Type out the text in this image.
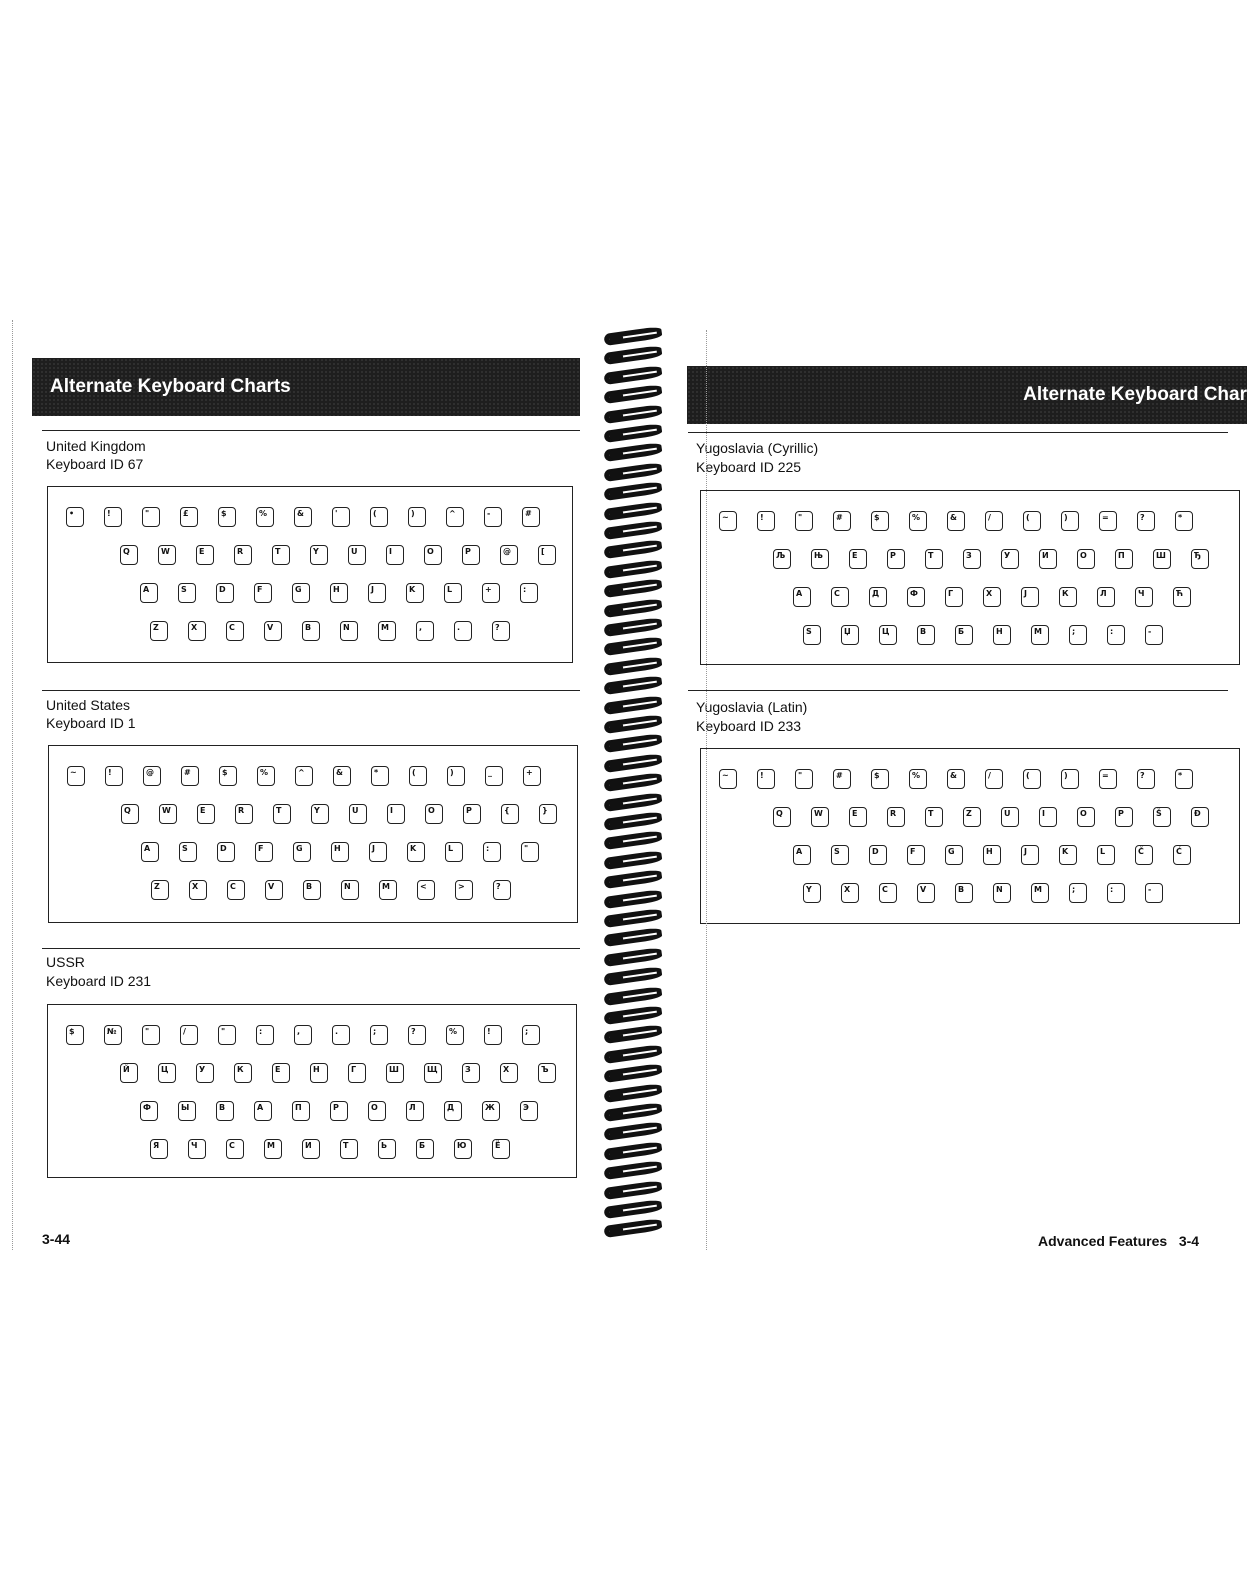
Alternate Keyboard Charts
United Kingdom
Keyboard ID 67
•	!	"	£	$	%	&	'	(	)	^	-	#
Q	W	E	R	T	Y	U	I	O	P	@	[
A	S	D	F	G	H	J	K	L	+	:
Z	X	C	V	B	N	M	,	.	?
United States
Keyboard ID 1
~	!	@	#	$	%	^	&	*	(	)	_	+
Q	W	E	R	T	Y	U	I	O	P	{	}
A	S	D	F	G	H	J	K	L	:	"
Z	X	C	V	B	N	M	<	>	?
USSR
Keyboard ID 231
$	№	"	/	"	:	,	.	;	?	%	!	;
Й	Ц	У	К	Е	Н	Г	Ш	Щ	З	Х	Ъ
Ф	Ы	В	А	П	Р	О	Л	Д	Ж	Э
Я	Ч	С	М	И	Т	Ь	Б	Ю	Ё
3-44
Alternate Keyboard Char
Yugoslavia (Cyrillic)
Keyboard ID 225
~	!	"	#	$	%	&	/	(	)	=	?	*
Љ	Њ	Е	Р	Т	З	У	И	О	П	Ш	Ђ
А	С	Д	Ф	Г	Х	Ј	К	Л	Ч	Ћ
Ѕ	Џ	Ц	В	Б	Н	М	;	:	-
Yugoslavia (Latin)
Keyboard ID 233
~	!	"	#	$	%	&	/	(	)	=	?	*
Q	W	E	R	T	Z	U	I	O	P	Š	Đ
A	S	D	F	G	H	J	K	L	Č	Ć
Y	X	C	V	B	N	M	;	:	-
Advanced Features 3-4
